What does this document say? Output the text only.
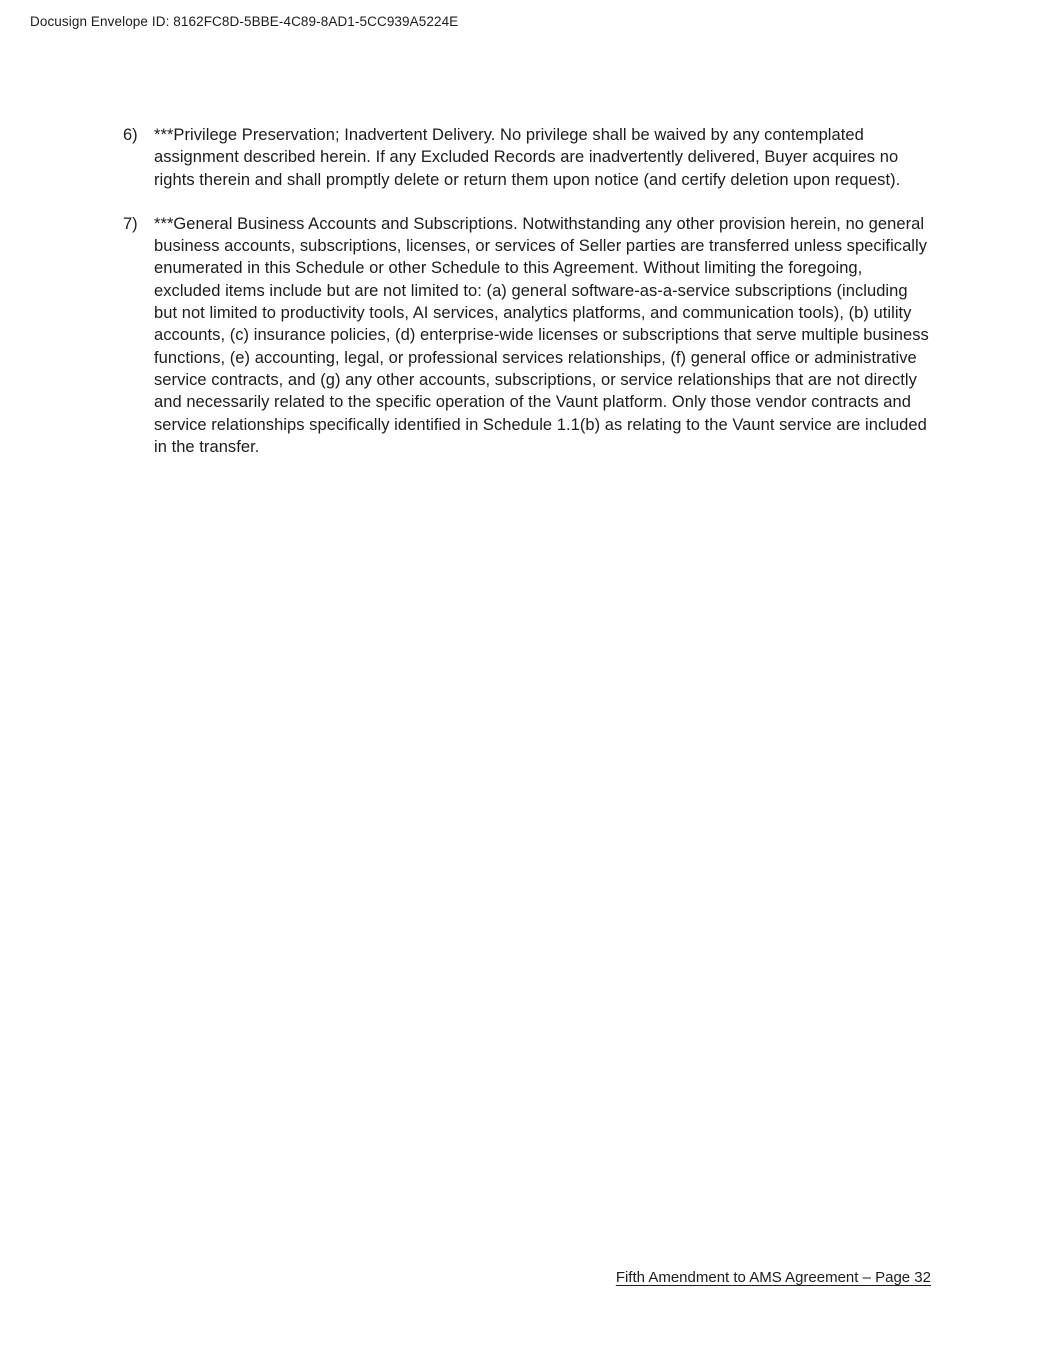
Docusign Envelope ID: 8162FC8D-5BBE-4C89-8AD1-5CC939A5224E
6) ***Privilege Preservation; Inadvertent Delivery. No privilege shall be waived by any contemplated assignment described herein. If any Excluded Records are inadvertently delivered, Buyer acquires no rights therein and shall promptly delete or return them upon notice (and certify deletion upon request).
7) ***General Business Accounts and Subscriptions. Notwithstanding any other provision herein, no general business accounts, subscriptions, licenses, or services of Seller parties are transferred unless specifically enumerated in this Schedule or other Schedule to this Agreement. Without limiting the foregoing, excluded items include but are not limited to: (a) general software-as-a-service subscriptions (including but not limited to productivity tools, AI services, analytics platforms, and communication tools), (b) utility accounts, (c) insurance policies, (d) enterprise-wide licenses or subscriptions that serve multiple business functions, (e) accounting, legal, or professional services relationships, (f) general office or administrative service contracts, and (g) any other accounts, subscriptions, or service relationships that are not directly and necessarily related to the specific operation of the Vaunt platform. Only those vendor contracts and service relationships specifically identified in Schedule 1.1(b) as relating to the Vaunt service are included in the transfer.
Fifth Amendment to AMS Agreement – Page 32
